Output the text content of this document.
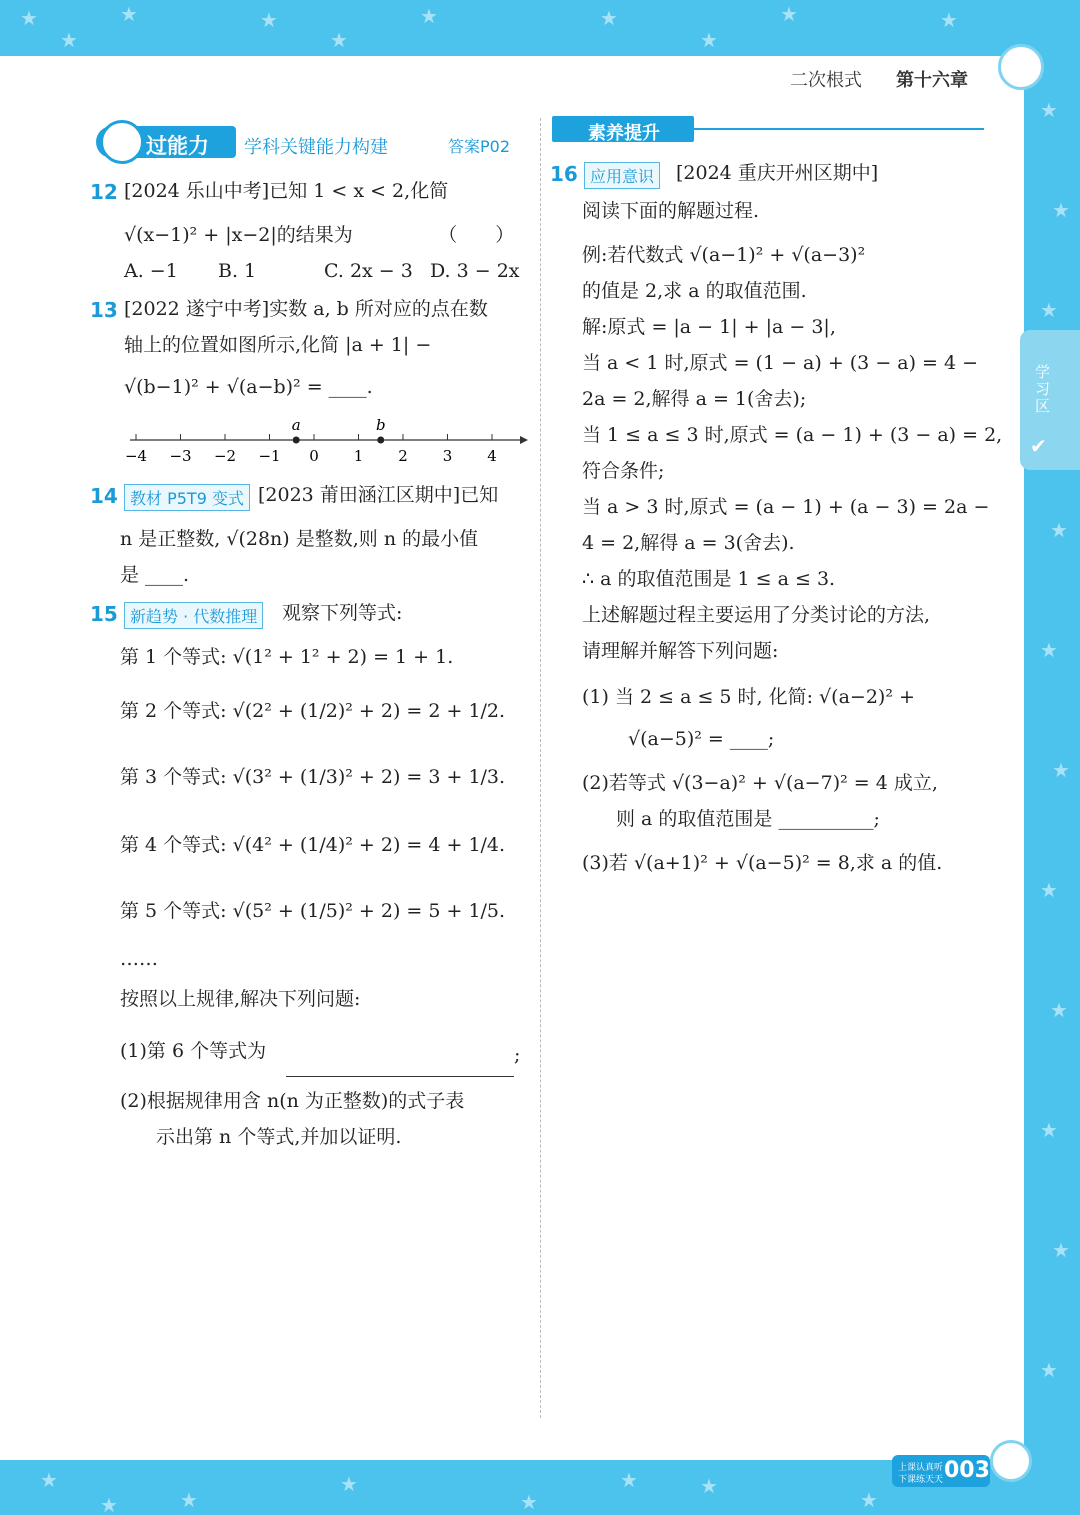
★	★	★	★	★	★	★
★	★	★
★
★
★
★
★
★
★
★
★
★
★
★
★
★
★
★
★
★
★
二次根式 第十六章
学习区
✔
过能力 学科关键能力构建	答案P02
12 [2024 乐山中考]已知 1 < x < 2,化简
√(x−1)² + |x−2|的结果为　　　　　（　　）
A. −1 B. 1	C. 2x − 3 D. 3 − 2x
13 [2022 遂宁中考]实数 a, b 所对应的点在数
轴上的位置如图所示,化简 |a + 1| −
√(b−1)² + √(a−b)² = ____.
−4 −3 −2 −1 0 1 2 3 4
a	b
14 教材 P5T9 变式 [2023 莆田涵江区期中]已知
n 是正整数, √(28n) 是整数,则 n 的最小值
是 ____.
15 新趋势 · 代数推理	观察下列等式:
第 1 个等式: √(1² + 1² + 2) = 1 + 1.
第 2 个等式: √(2² + (1/2)² + 2) = 2 + 1/2.
第 3 个等式: √(3² + (1/3)² + 2) = 3 + 1/3.
第 4 个等式: √(4² + (1/4)² + 2) = 4 + 1/4.
第 5 个等式: √(5² + (1/5)² + 2) = 5 + 1/5.
……
按照以上规律,解决下列问题:
(1)第 6 个等式为	;
(2)根据规律用含 n(n 为正整数)的式子表
示出第 n 个等式,并加以证明.
素养提升
16 应用意识	[2024 重庆开州区期中]
阅读下面的解题过程.
例:若代数式 √(a−1)² + √(a−3)²
的值是 2,求 a 的取值范围.
解:原式 = |a − 1| + |a − 3|,
当 a < 1 时,原式 = (1 − a) + (3 − a) = 4 −
2a = 2,解得 a = 1(舍去);
当 1 ≤ a ≤ 3 时,原式 = (a − 1) + (3 − a) = 2,
符合条件;
当 a > 3 时,原式 = (a − 1) + (a − 3) = 2a −
4 = 2,解得 a = 3(舍去).
∴ a 的取值范围是 1 ≤ a ≤ 3.
上述解题过程主要运用了分类讨论的方法,
请理解并解答下列问题:
(1) 当 2 ≤ a ≤ 5 时, 化简: √(a−2)² +
√(a−5)² = ____;
(2)若等式 √(3−a)² + √(a−7)² = 4 成立,
则 a 的取值范围是 __________;
(3)若 √(a+1)² + √(a−5)² = 8,求 a 的值.
上课认真听
下课练天天 003
